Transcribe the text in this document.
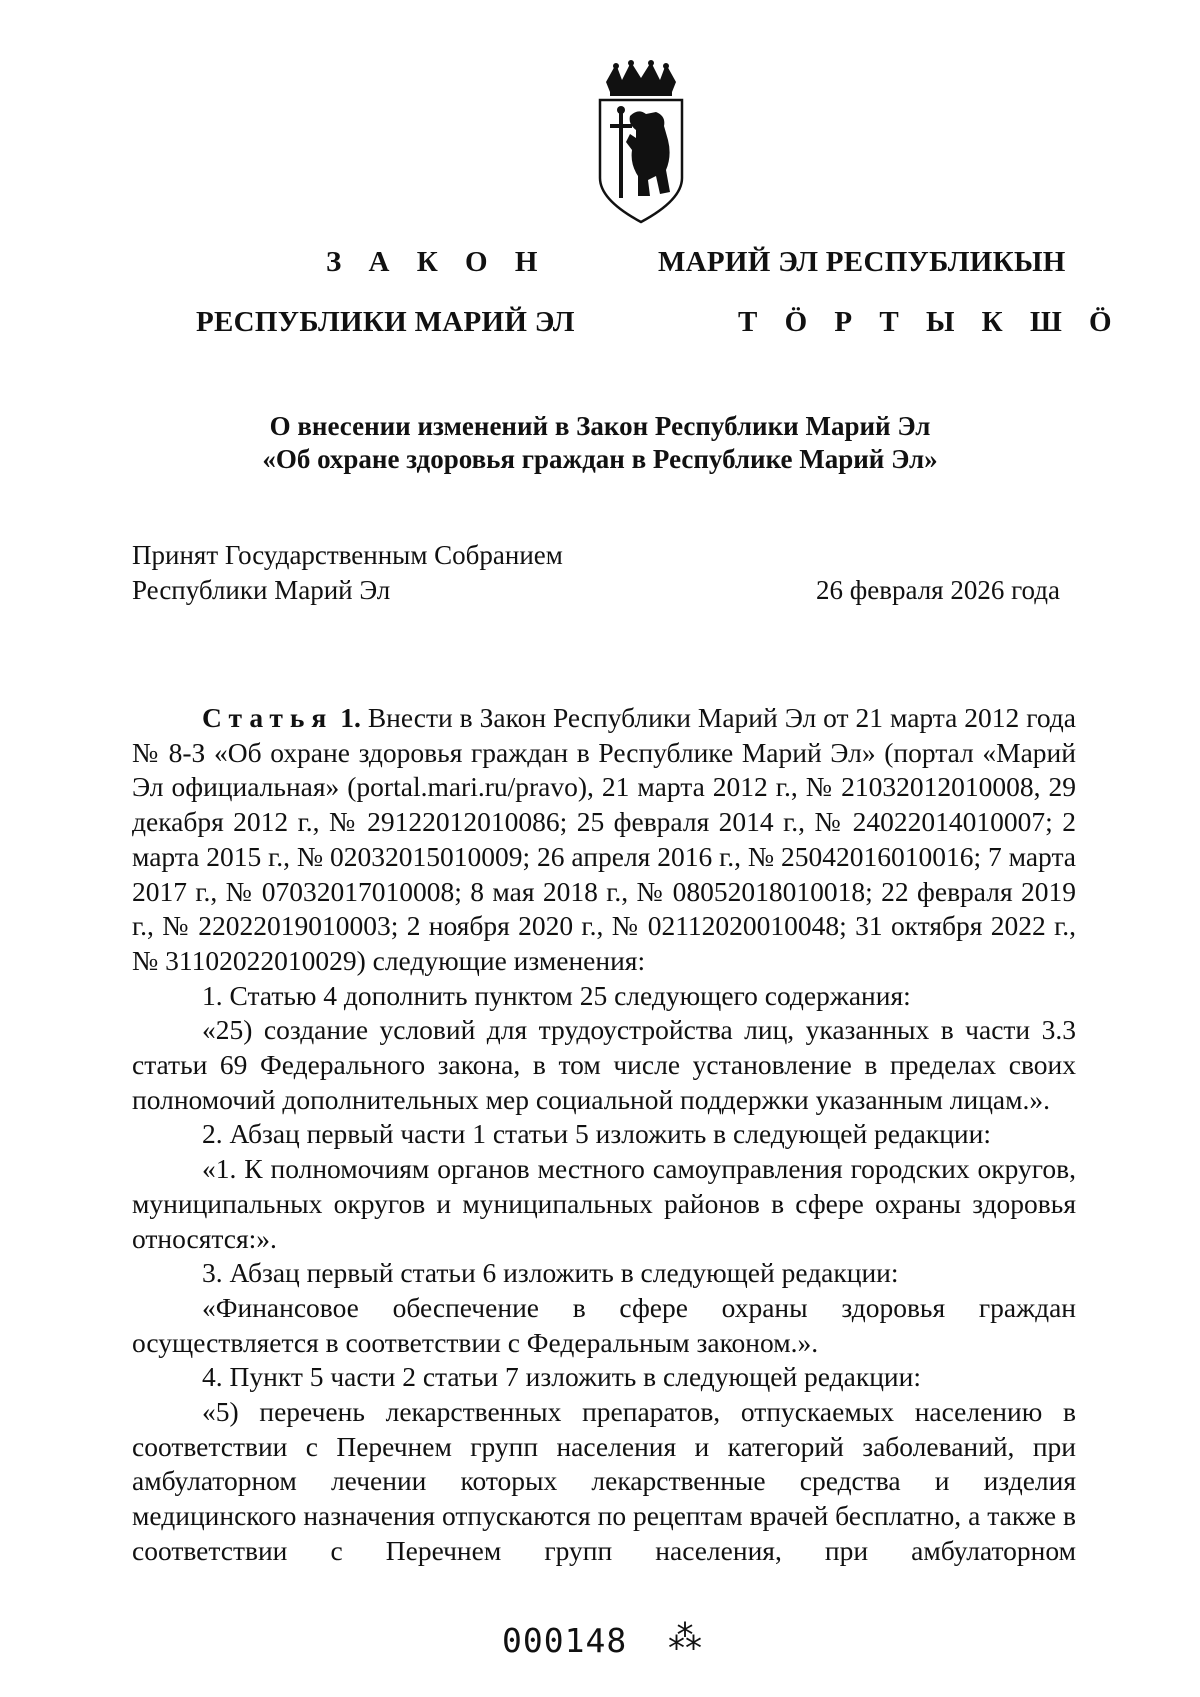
З А К О Н
РЕСПУБЛИКИ МАРИЙ ЭЛ
МАРИЙ ЭЛ РЕСПУБЛИКЫН
Т Ӧ Р Т Ы К Ш Ӧ
О внесении изменений в Закон Республики Марий Эл
«Об охране здоровья граждан в Республике Марий Эл»
Принят Государственным Собранием
Республики Марий Эл	26 февраля 2026 года

Статья 1. Внести в Закон Республики Марий Эл от 21 марта 2012 года № 8-З «Об охране здоровья граждан в Республике Марий Эл» (портал «Марий Эл официальная» (portal.mari.ru/pravo), 21 марта 2012 г., № 21032012010008, 29 декабря 2012 г., № 29122012010086; 25 февраля 2014 г., № 24022014010007; 2 марта 2015 г., № 02032015010009; 26 апреля 2016 г., № 25042016010016; 7 марта 2017 г., № 07032017010008; 8 мая 2018 г., № 08052018010018; 22 февраля 2019 г., № 22022019010003; 2 ноября 2020 г., № 02112020010048; 31 октября 2022 г., № 31102022010029) следующие изменения:

1. Статью 4 дополнить пунктом 25 следующего содержания:

«25) создание условий для трудоустройства лиц, указанных в части 3.3 статьи 69 Федерального закона, в том числе установление в пределах своих полномочий дополнительных мер социальной поддержки указанным лицам.».

2. Абзац первый части 1 статьи 5 изложить в следующей редакции:

«1. К полномочиям органов местного самоуправления городских округов, муниципальных округов и муниципальных районов в сфере охраны здоровья относятся:».

3. Абзац первый статьи 6 изложить в следующей редакции:

«Финансовое обеспечение в сфере охраны здоровья граждан осуществляется в соответствии с Федеральным законом.».

4. Пункт 5 части 2 статьи 7 изложить в следующей редакции:

«5) перечень лекарственных препаратов, отпускаемых населению в соответствии с Перечнем групп населения и категорий заболеваний, при амбулаторном лечении которых лекарственные средства и изделия медицинского назначения отпускаются по рецептам врачей бесплатно, а также в соответствии с Перечнем групп населения, при амбулаторном

000148 ⁂
